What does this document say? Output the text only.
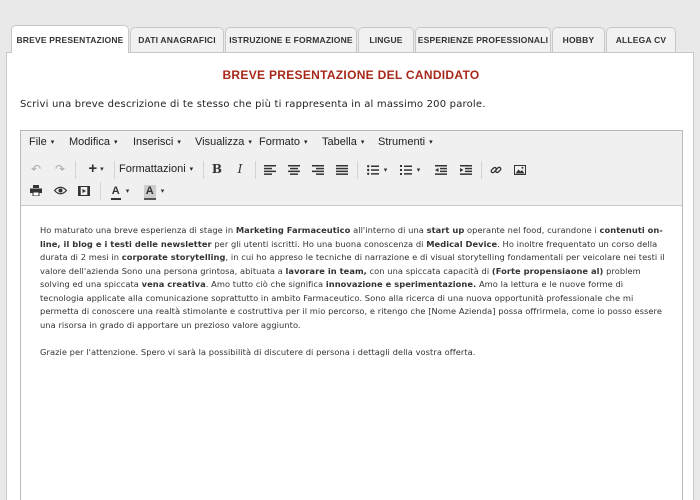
BREVE PRESENTAZIONE	DATI ANAGRAFICI	ISTRUZIONE E FORMAZIONE	LINGUE	ESPERIENZE PROFESSIONALI	HOBBY	ALLEGA CV
BREVE PRESENTAZIONE DEL CANDIDATO
Scrivi una breve descrizione di te stesso che più ti rappresenta in al massimo 200 parole.
File ▾ Modifica ▾ Inserisci ▾ Visualizza ▾ Formato ▾ Tabella ▾ Strumenti ▾
↶	↷	+ ▾	Formattazioni ▾	B	I	▾	▾
A ▾	A ▾

Ho maturato una breve esperienza di stage in Marketing Farmaceutico all'interno di una start up operante nel food, curandone i contenuti on-line, il blog e i testi delle newsletter per gli utenti iscritti. Ho una buona conoscenza di Medical Device. Ho inoltre frequentato un corso della durata di 2 mesi in corporate storytelling, in cui ho appreso le tecniche di narrazione e di visual storytelling fondamentali per veicolare nei testi il valore dell'azienda Sono una persona grintosa, abituata a lavorare in team, con una spiccata capacità di (Forte propensiaone al) problem solving ed una spiccata vena creativa. Amo tutto ciò che significa innovazione e sperimentazione. Amo la lettura e le nuove forme di tecnologia applicate alla comunicazione soprattutto in ambito Farmaceutico. Sono alla ricerca di una nuova opportunità professionale che mi permetta di conoscere una realtà stimolante e costruttiva per il mio percorso, e ritengo che [Nome Azienda] possa offrirmela, come io posso essere una risorsa in grado di apportare un prezioso valore aggiunto.

Grazie per l'attenzione. Spero vi sarà la possibilità di discutere di persona i dettagli della vostra offerta.
